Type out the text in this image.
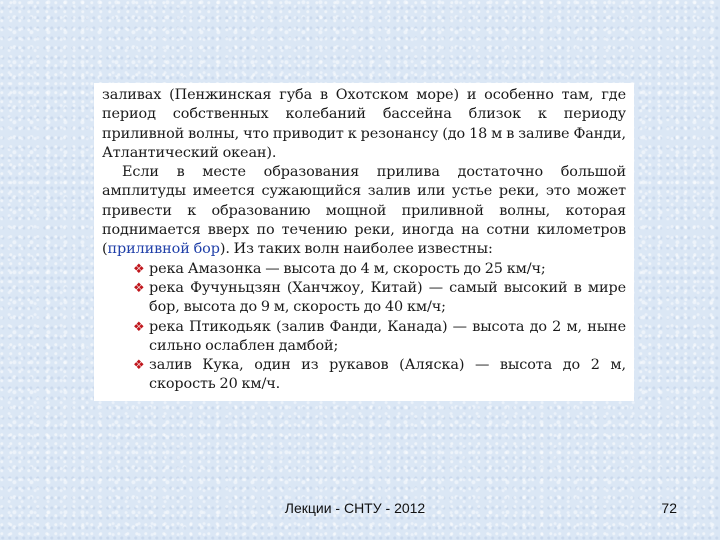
заливах (Пенжинская губа в Охотском море) и особенно там, где период собственных колебаний бассейна близок к периоду приливной волны, что приводит к резонансу (до 18 м в заливе Фанди, Атлантический океан).

Если в месте образования прилива достаточно большой амплитуды имеется сужающийся залив или устье реки, это может привести к образованию мощной приливной волны, которая поднимается вверх по течению реки, иногда на сотни километров (приливной бор). Из таких волн наиболее известны:

❖ река Амазонка — высота до 4 м, скорость до 25 км/ч;
❖ река Фучуньцзян (Ханчжоу, Китай) — самый высокий в мире бор, высота до 9 м, скорость до 40 км/ч;
❖ река Птикодьяк (залив Фанди, Канада) — высота до 2 м, ныне сильно ослаблен дамбой;
❖ залив Кука, один из рукавов (Аляска) — высота до 2 м, скорость 20 км/ч.
Лекции - СНТУ - 2012	72
